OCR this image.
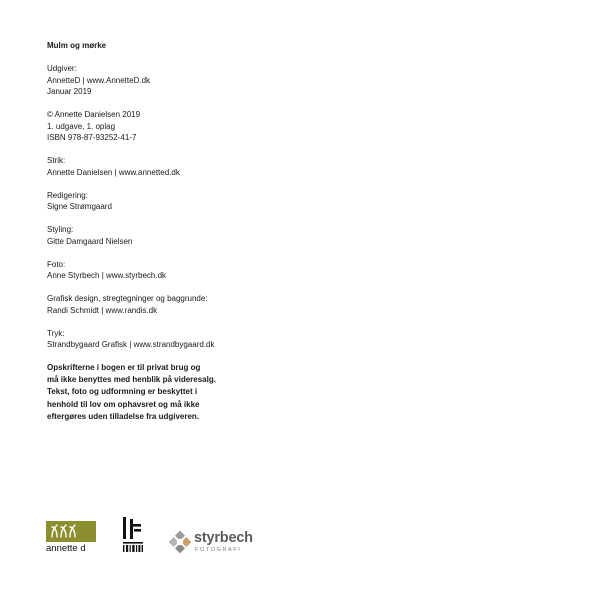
Mulm og mørke
Udgiver:
AnnetteD | www.AnnetteD.dk
Januar 2019
© Annette Danielsen 2019
1. udgave, 1. oplag
ISBN 978-87-93252-41-7
Strik:
Annette Danielsen | www.annetted.dk
Redigering:
Signe Strømgaard
Styling:
Gitte Damgaard Nielsen
Foto:
Anne Styrbech | www.styrbech.dk
Grafisk design, stregtegninger og baggrunde:
Randi Schmidt | www.randis.dk
Tryk:
Strandbygaard Grafisk | www.strandbygaard.dk
Opskrifterne i bogen er til privat brug og
må ikke benyttes med henblik på videresalg.
Tekst, foto og udformning er beskyttet i
henhold til lov om ophavsret og må ikke
eftergøres uden tilladelse fra udgiveren.
annette d
styrbech
FOTOGRAFI
